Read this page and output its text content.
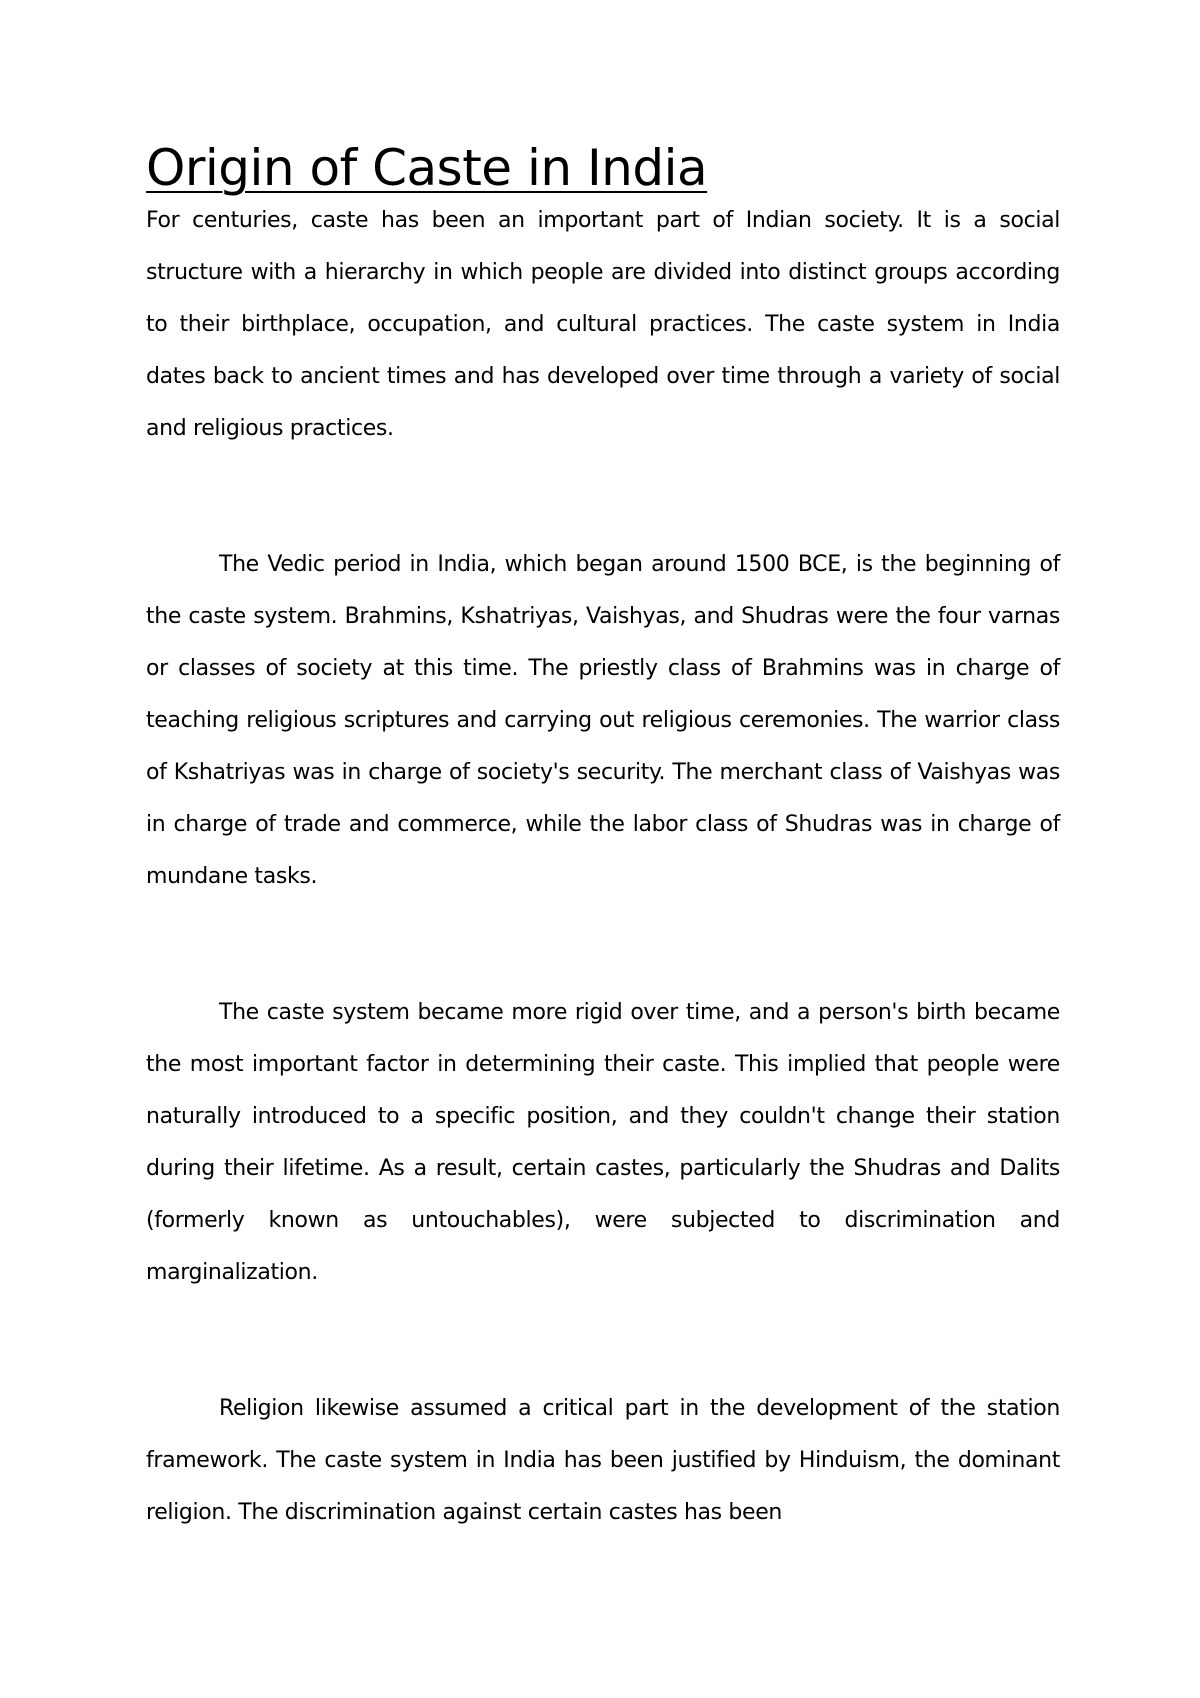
Origin of Caste in India

For centuries, caste has been an important part of Indian society. It is a social structure with a hierarchy in which people are divided into distinct groups according to their birthplace, occupation, and cultural practices. The caste system in India dates back to ancient times and has developed over time through a variety of social and religious practices.

The Vedic period in India, which began around 1500 BCE, is the beginning of the caste system. Brahmins, Kshatriyas, Vaishyas, and Shudras were the four varnas or classes of society at this time. The priestly class of Brahmins was in charge of teaching religious scriptures and carrying out religious ceremonies. The warrior class of Kshatriyas was in charge of society's security. The merchant class of Vaishyas was in charge of trade and commerce, while the labor class of Shudras was in charge of mundane tasks.

The caste system became more rigid over time, and a person's birth became the most important factor in determining their caste. This implied that people were naturally introduced to a specific position, and they couldn't change their station during their lifetime. As a result, certain castes, particularly the Shudras and Dalits (formerly known as untouchables), were subjected to discrimination and marginalization.

Religion likewise assumed a critical part in the development of the station framework. The caste system in India has been justified by Hinduism, the dominant religion. The discrimination against certain castes has been
